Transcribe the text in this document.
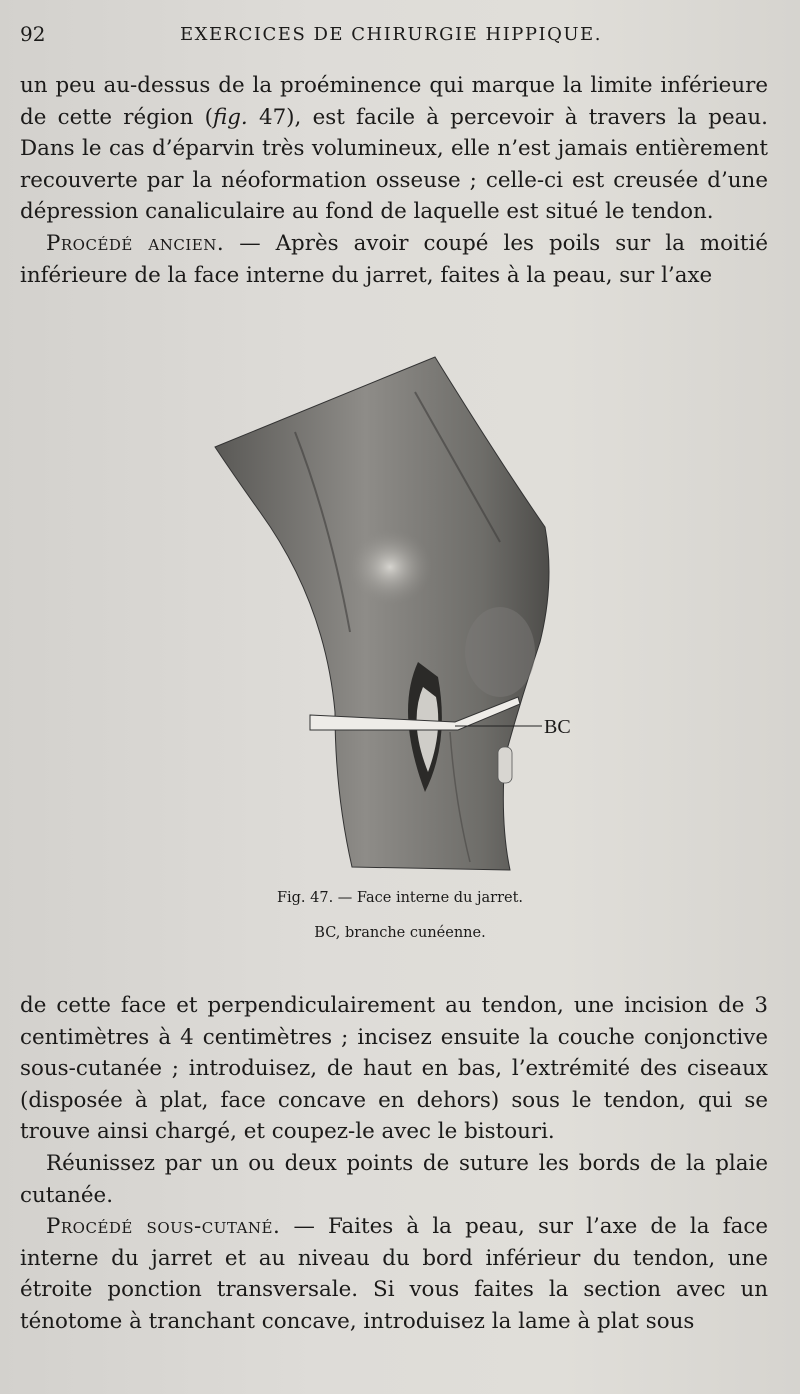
92	EXERCICES DE CHIRURGIE HIPPIQUE.

un peu au-dessus de la proéminence qui marque la limite inférieure de cette région (fig. 47), est facile à percevoir à travers la peau. Dans le cas d’éparvin très volumineux, elle n’est jamais entièrement recouverte par la néoformation osseuse ; celle-ci est creusée d’une dépression canaliculaire au fond de laquelle est situé le tendon.

Procédé ancien. — Après avoir coupé les poils sur la moitié inférieure de la face interne du jarret, faites à la peau, sur l’axe

BC
Fig. 47. — Face interne du jarret.
BC, branche cunéenne.

de cette face et perpendiculairement au tendon, une incision de 3 centimètres à 4 centimètres ; incisez ensuite la couche conjonctive sous-cutanée ; introduisez, de haut en bas, l’extrémité des ciseaux (disposée à plat, face concave en dehors) sous le tendon, qui se trouve ainsi chargé, et coupez-le avec le bistouri.

Réunissez par un ou deux points de suture les bords de la plaie cutanée.

Procédé sous-cutané. — Faites à la peau, sur l’axe de la face interne du jarret et au niveau du bord inférieur du tendon, une étroite ponction transversale. Si vous faites la section avec un ténotome à tranchant concave, introduisez la lame à plat sous
